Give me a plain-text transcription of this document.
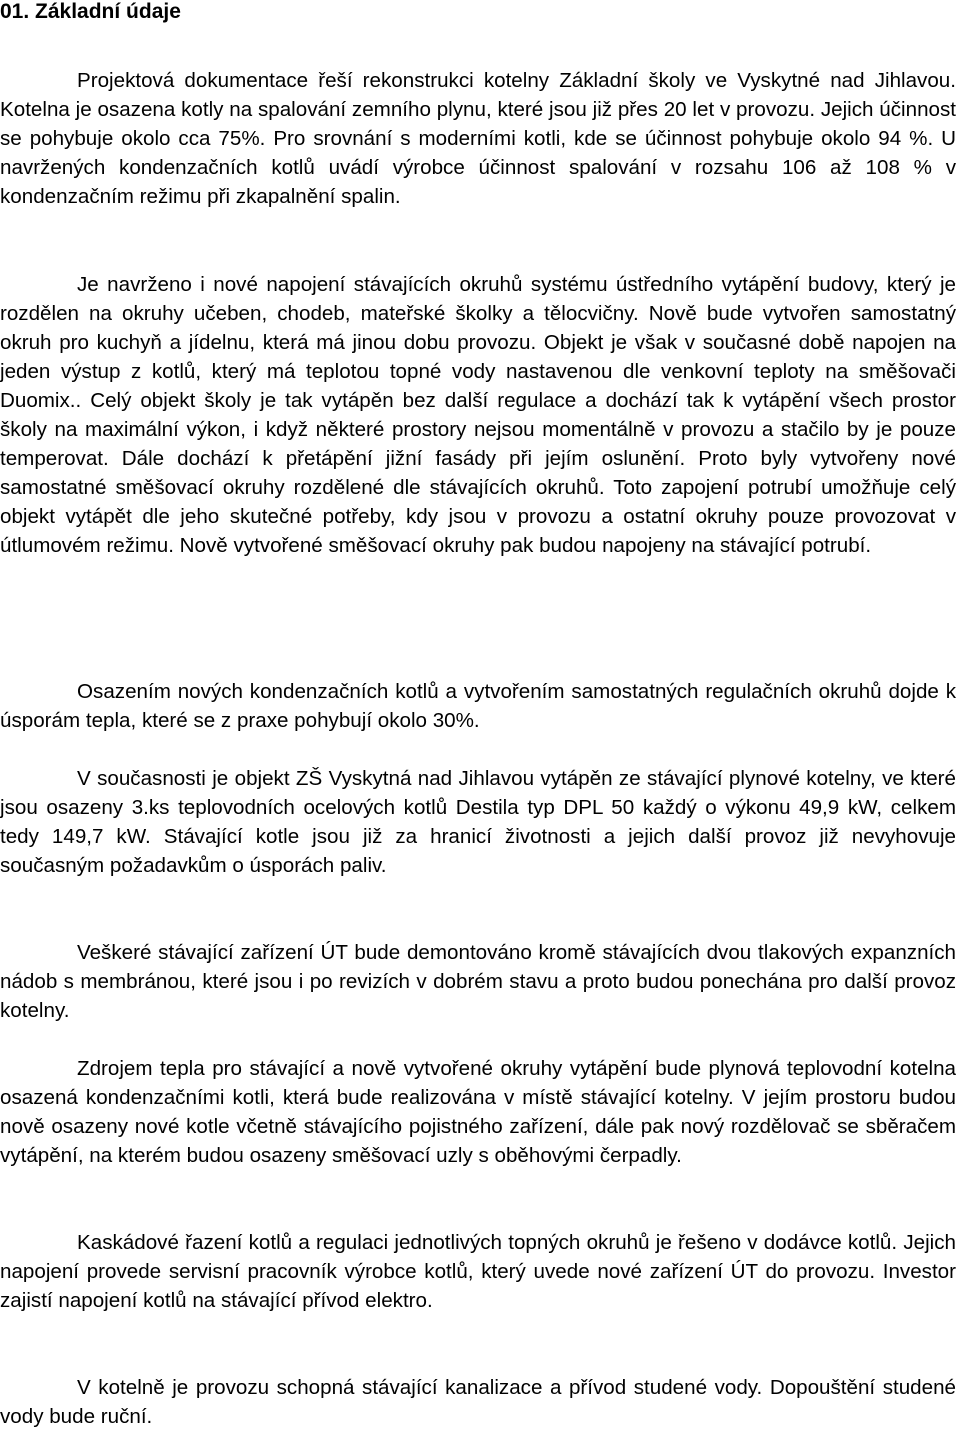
01. Základní údaje

Projektová dokumentace řeší rekonstrukci kotelny Základní školy ve Vyskytné nad Jihlavou. Kotelna je osazena kotly na spalování zemního plynu, které jsou již přes 20 let v provozu. Jejich účinnost se pohybuje okolo cca 75%. Pro srovnání s moderními kotli, kde se účinnost pohybuje okolo 94 %. U navržených kondenzačních kotlů uvádí výrobce účinnost spalování v rozsahu 106 až 108 % v kondenzačním režimu při zkapalnění spalin.

Je navrženo i nové napojení stávajících okruhů systému ústředního vytápění budovy, který je rozdělen na okruhy učeben, chodeb, mateřské školky a tělocvičny. Nově bude vytvořen samostatný okruh pro kuchyň a jídelnu, která má jinou dobu provozu. Objekt je však v současné době napojen na jeden výstup z kotlů, který má teplotou topné vody nastavenou dle venkovní teploty na směšovači Duomix.. Celý objekt školy je tak vytápěn bez další regulace a dochází tak k vytápění všech prostor školy na maximální výkon, i když některé prostory nejsou momentálně v provozu a stačilo by je pouze temperovat. Dále dochází k přetápění jižní fasády při jejím oslunění. Proto byly vytvořeny nové samostatné směšovací okruhy rozdělené dle stávajících okruhů. Toto zapojení potrubí umožňuje celý objekt vytápět dle jeho skutečné potřeby, kdy jsou v provozu a ostatní okruhy pouze provozovat v útlumovém režimu. Nově vytvořené směšovací okruhy pak budou napojeny na stávající potrubí.

Osazením nových kondenzačních kotlů a vytvořením samostatných regulačních okruhů dojde k úsporám tepla, které se z praxe pohybují okolo 30%.

V současnosti je objekt ZŠ Vyskytná nad Jihlavou vytápěn ze stávající plynové kotelny, ve které jsou osazeny 3.ks teplovodních ocelových kotlů Destila typ DPL 50 každý o výkonu 49,9 kW, celkem tedy 149,7 kW. Stávající kotle jsou již za hranicí životnosti a jejich další provoz již nevyhovuje současným požadavkům o úsporách paliv.

Veškeré stávající zařízení ÚT bude demontováno kromě stávajících dvou tlakových expanzních nádob s membránou, které jsou i po revizích v dobrém stavu a proto budou ponechána pro další provoz kotelny.

Zdrojem tepla pro stávající a nově vytvořené okruhy vytápění bude plynová teplovodní kotelna osazená kondenzačními kotli, která bude realizována v místě stávající kotelny. V jejím prostoru budou nově osazeny nové kotle včetně stávajícího pojistného zařízení, dále pak nový rozdělovač se sběračem vytápění, na kterém budou osazeny směšovací uzly s oběhovými čerpadly.

Kaskádové řazení kotlů a regulaci jednotlivých topných okruhů je řešeno v dodávce kotlů. Jejich napojení provede servisní pracovník výrobce kotlů, který uvede nové zařízení ÚT do provozu. Investor zajistí napojení kotlů na stávající přívod elektro.

V kotelně je provozu schopná stávající kanalizace a přívod studené vody. Dopouštění studené vody bude ruční.
